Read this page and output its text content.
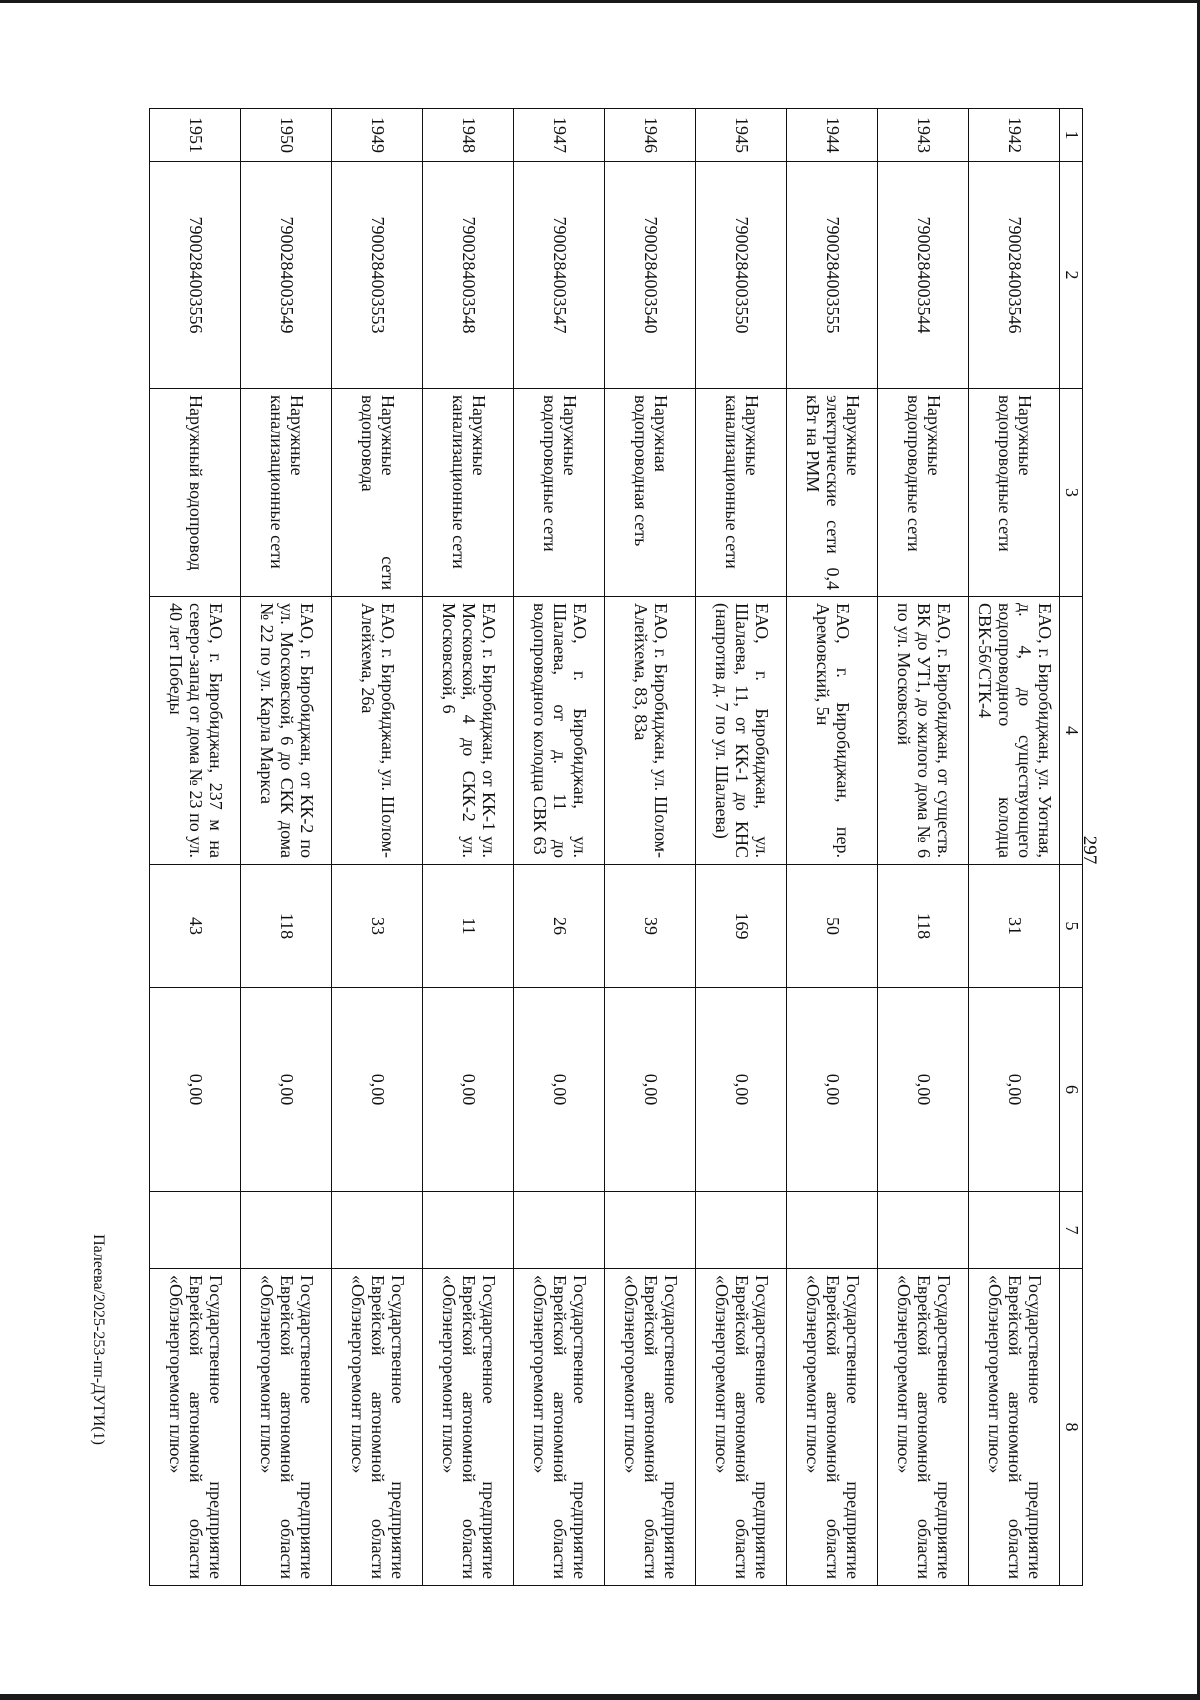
297
1	2	3	4	5	6	7	8
1942	7900284003546	Наружные водопроводные сети	ЕАО, г. Биробиджан, ул. Уютная, д. 4, до существующего водопроводного колодца СВК-56/СТК-4	31	0,00		Государственное предприятие Еврейской автономной области «Облэнергоремонт плюс»
1943	7900284003544	Наружные водопроводные сети	ЕАО, г. Биробиджан, от существ. ВК до УТ1, до жилого дома № 6 по ул. Московской	118	0,00		Государственное предприятие Еврейской автономной области «Облэнергоремонт плюс»
1944	7900284003555	Наружные электрические сети 0,4 кВт на РММ	ЕАО, г. Биробиджан, пер. Аремовский, 5н	50	0,00		Государственное предприятие Еврейской автономной области «Облэнергоремонт плюс»
1945	7900284003550	Наружные канализационные сети	ЕАО, г. Биробиджан, ул. Шалаева, 11, от КК-1 до КНС (напротив д. 7 по ул. Шалаева)	169	0,00		Государственное предприятие Еврейской автономной области «Облэнергоремонт плюс»
1946	7900284003540	Наружная водопроводная сеть	ЕАО, г. Биробиджан, ул. Шолом-Алейхема, 83, 83а	39	0,00		Государственное предприятие Еврейской автономной области «Облэнергоремонт плюс»
1947	7900284003547	Наружные водопроводные сети	ЕАО, г. Биробиджан, ул. Шалаева, от д. 11 до водопроводного колодца СВК 63	26	0,00		Государственное предприятие Еврейской автономной области «Облэнергоремонт плюс»
1948	7900284003548	Наружные канализационные сети	ЕАО, г. Биробиджан, от КК-1 ул. Московской, 4 до СКК-2 ул. Московской, 6	11	0,00		Государственное предприятие Еврейской автономной области «Облэнергоремонт плюс»
1949	7900284003553	Наружные сети водопровода	ЕАО, г. Биробиджан, ул. Шолом-Алейхема, 26а	33	0,00		Государственное предприятие Еврейской автономной области «Облэнергоремонт плюс»
1950	7900284003549	Наружные канализационные сети	ЕАО, г. Биробиджан, от КК-2 по ул. Московской, 6 до СКК дома № 22 по ул. Карла Маркса	118	0,00		Государственное предприятие Еврейской автономной области «Облэнергоремонт плюс»
1951	7900284003556	Наружный водопровод	ЕАО, г. Биробиджан, 237 м на северо-запад от дома № 23 по ул. 40 лет Победы	43	0,00		Государственное предприятие Еврейской автономной области «Облэнергоремонт плюс»
Палеева/2025-253-пп-ДУГИ(1)
